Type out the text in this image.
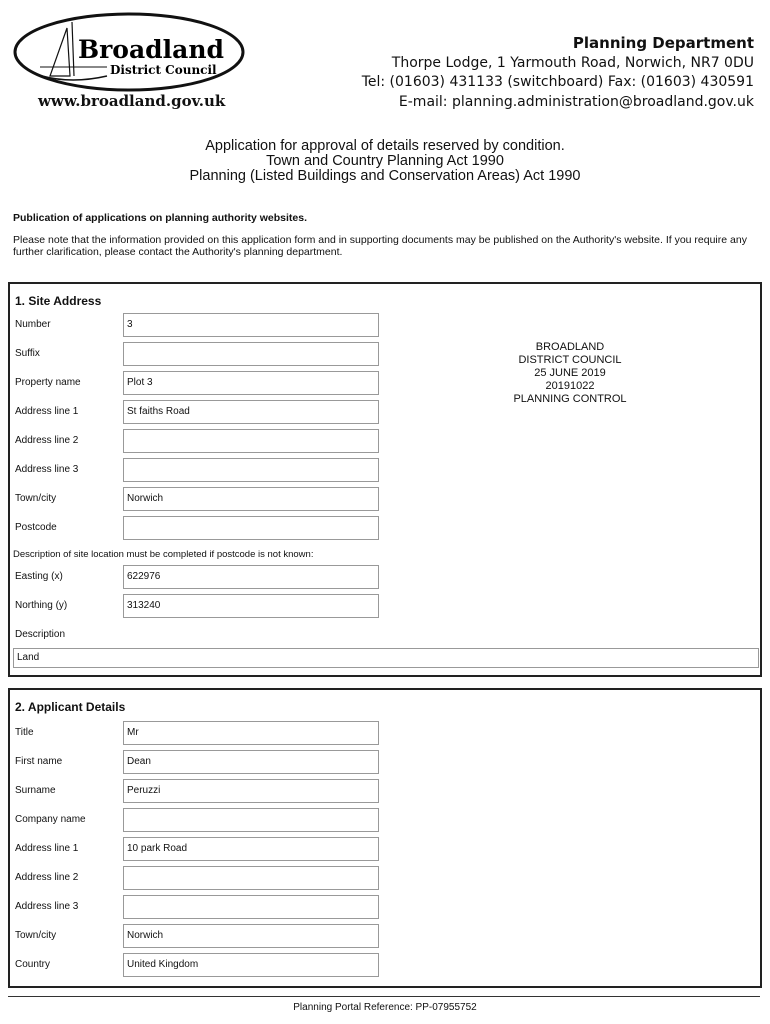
Broadland
District Council
www.broadland.gov.uk
Planning Department
Thorpe Lodge, 1 Yarmouth Road, Norwich, NR7 0DU
Tel: (01603) 431133 (switchboard) Fax: (01603) 430591
E-mail: planning.administration@broadland.gov.uk
Application for approval of details reserved by condition.
Town and Country Planning Act 1990
Planning (Listed Buildings and Conservation Areas) Act 1990
Publication of applications on planning authority websites.
Please note that the information provided on this application form and in supporting documents may be published on the Authority's website. If you require any further clarification, please contact the Authority's planning department.
1. Site Address
Number	3
Suffix
Property name	Plot 3
Address line 1	St faiths Road
Address line 2
Address line 3
Town/city	Norwich
Postcode
Description of site location must be completed if postcode is not known:
Easting (x)	622976
Northing (y)	313240
Description
Land
BROADLAND
DISTRICT COUNCIL
25 JUNE 2019
20191022
PLANNING CONTROL
2. Applicant Details
Title	Mr
First name	Dean
Surname	Peruzzi
Company name
Address line 1	10 park Road
Address line 2
Address line 3
Town/city	Norwich
Country	United Kingdom
Planning Portal Reference: PP-07955752
